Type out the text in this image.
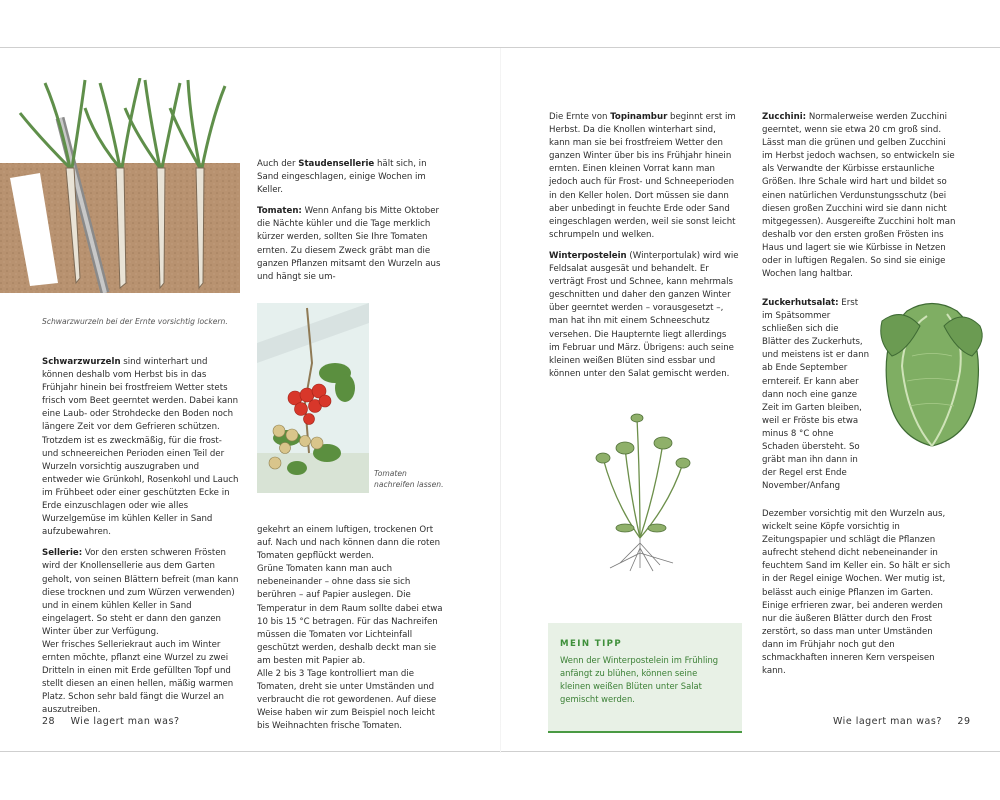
Schwarzwurzeln bei der Ernte vorsichtig lockern.

Schwarzwurzeln sind winterhart und können deshalb vom Herbst bis in das Frühjahr hinein bei frostfreiem Wetter stets frisch vom Beet geerntet werden. Dabei kann eine Laub- oder Strohdecke den Boden noch längere Zeit vor dem Gefrieren schützen. Trotzdem ist es zweckmäßig, für die frost- und schneereichen Perioden einen Teil der Wurzeln vorsichtig auszugraben und entweder wie Grünkohl, Rosenkohl und Lauch im Frühbeet oder einer geschützten Ecke in Erde einzuschlagen oder wie alles Wurzelgemüse im kühlen Keller in Sand aufzubewahren.

Sellerie: Vor den ersten schweren Frösten wird der Knollensellerie aus dem Garten geholt, von seinen Blättern befreit (man kann diese trocknen und zum Würzen verwenden) und in einem kühlen Keller in Sand eingelagert. So steht er dann den ganzen Winter über zur Verfügung.

Wer frisches Selleriekraut auch im Winter ernten möchte, pflanzt eine Wurzel zu zwei Dritteln in einen mit Erde gefüllten Topf und stellt diesen an einen hellen, mäßig warmen Platz. Schon sehr bald fängt die Wurzel an auszutreiben.

Auch der Staudensellerie hält sich, in Sand eingeschlagen, einige Wochen im Keller.

Tomaten: Wenn Anfang bis Mitte Oktober die Nächte kühler und die Tage merklich kürzer werden, sollten Sie Ihre Tomaten ernten. Zu diesem Zweck gräbt man die ganzen Pflanzen mitsamt den Wurzeln aus und hängt sie um-

Tomaten
nachreifen lassen.

gekehrt an einem luftigen, trockenen Ort auf. Nach und nach können dann die roten Tomaten gepflückt werden.

Grüne Tomaten kann man auch nebeneinander – ohne dass sie sich berühren – auf Papier auslegen. Die Temperatur in dem Raum sollte dabei etwa 10 bis 15 °C betragen. Für das Nachreifen müssen die Tomaten vor Lichteinfall geschützt werden, deshalb deckt man sie am besten mit Papier ab.

Alle 2 bis 3 Tage kontrolliert man die Tomaten, dreht sie unter Umständen und verbraucht die rot gewordenen. Auf diese Weise haben wir zum Beispiel noch leicht bis Weihnachten frische Tomaten.

28 Wie lagert man was?

Die Ernte von Topinambur beginnt erst im Herbst. Da die Knollen winterhart sind, kann man sie bei frostfreiem Wetter den ganzen Winter über bis ins Frühjahr hinein ernten. Einen kleinen Vorrat kann man jedoch auch für Frost- und Schneeperioden in den Keller holen. Dort müssen sie dann aber unbedingt in feuchte Erde oder Sand eingeschlagen werden, weil sie sonst leicht schrumpeln und welken.

Winterpostelein (Winterportulak) wird wie Feldsalat ausgesät und behandelt. Er verträgt Frost und Schnee, kann mehrmals geschnitten und daher den ganzen Winter über geerntet werden – vorausgesetzt –, man hat ihn mit einem Schneeschutz versehen. Die Haupternte liegt allerdings im Februar und März. Übrigens: auch seine kleinen weißen Blüten sind essbar und können unter den Salat gemischt werden.

MEIN TIPP
Wenn der Winterpostelein im Frühling anfängt zu blühen, können seine kleinen weißen Blüten unter Salat gemischt werden.

Zucchini: Normalerweise werden Zucchini geerntet, wenn sie etwa 20 cm groß sind. Lässt man die grünen und gelben Zucchini im Herbst jedoch wachsen, so entwickeln sie als Verwandte der Kürbisse erstaunliche Größen. Ihre Schale wird hart und bildet so einen natürlichen Verdunstungsschutz (bei diesen großen Zucchini wird sie dann nicht mitgegessen). Ausgereifte Zucchini holt man deshalb vor den ersten großen Frösten ins Haus und lagert sie wie Kürbisse in Netzen oder in luftigen Regalen. So sind sie einige Wochen lang haltbar.

Zuckerhutsalat: Erst im Spätsommer schließen sich die Blätter des Zuckerhuts, und meistens ist er dann ab Ende September erntereif. Er kann aber dann noch eine ganze Zeit im Garten bleiben, weil er Fröste bis etwa minus 8 °C ohne Schaden übersteht. So gräbt man ihn dann in der Regel erst Ende November/Anfang

Dezember vorsichtig mit den Wurzeln aus, wickelt seine Köpfe vorsichtig in Zeitungspapier und schlägt die Pflanzen aufrecht stehend dicht nebeneinander in feuchtem Sand im Keller ein. So hält er sich in der Regel einige Wochen. Wer mutig ist, belässt auch einige Pflanzen im Garten. Einige erfrieren zwar, bei anderen werden nur die äußeren Blätter durch den Frost zerstört, so dass man unter Umständen dann im Frühjahr noch gut den schmackhaften inneren Kern verspeisen kann.

Wie lagert man was? 29
